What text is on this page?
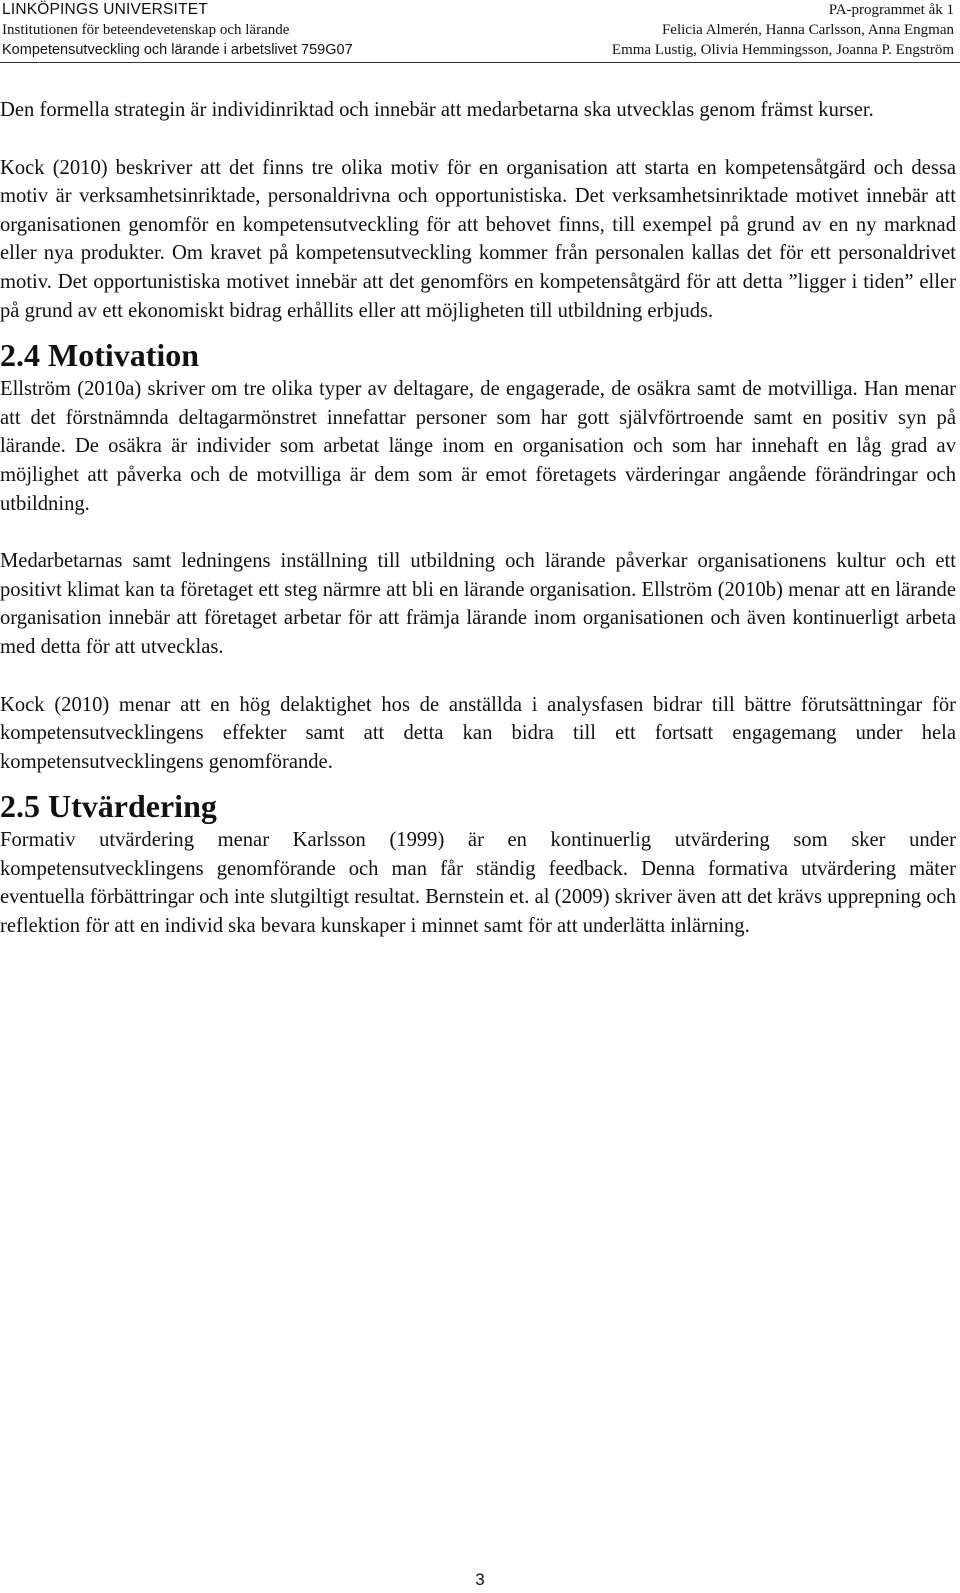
LINKÖPINGS UNIVERSITET
Institutionen för beteendevetenskap och lärande
Kompetensutveckling och lärande i arbetslivet 759G07
PA-programmet åk 1
Felicia Almerén, Hanna Carlsson, Anna Engman
Emma Lustig, Olivia Hemmingsson, Joanna P. Engström

Den formella strategin är individinriktad och innebär att medarbetarna ska utvecklas genom främst kurser.

Kock (2010) beskriver att det finns tre olika motiv för en organisation att starta en kompetensåtgärd och dessa motiv är verksamhetsinriktade, personaldrivna och opportunistiska. Det verksamhetsinriktade motivet innebär att organisationen genomför en kompetensutveckling för att behovet finns, till exempel på grund av en ny marknad eller nya produkter. Om kravet på kompetensutveckling kommer från personalen kallas det för ett personaldrivet motiv. Det opportunistiska motivet innebär att det genomförs en kompetensåtgärd för att detta ”ligger i tiden” eller på grund av ett ekonomiskt bidrag erhållits eller att möjligheten till utbildning erbjuds.

2.4 Motivation

Ellström (2010a) skriver om tre olika typer av deltagare, de engagerade, de osäkra samt de motvilliga. Han menar att det förstnämnda deltagarmönstret innefattar personer som har gott självförtroende samt en positiv syn på lärande. De osäkra är individer som arbetat länge inom en organisation och som har innehaft en låg grad av möjlighet att påverka och de motvilliga är dem som är emot företagets värderingar angående förändringar och utbildning.

Medarbetarnas samt ledningens inställning till utbildning och lärande påverkar organisationens kultur och ett positivt klimat kan ta företaget ett steg närmre att bli en lärande organisation. Ellström (2010b) menar att en lärande organisation innebär att företaget arbetar för att främja lärande inom organisationen och även kontinuerligt arbeta med detta för att utvecklas.

Kock (2010) menar att en hög delaktighet hos de anställda i analysfasen bidrar till bättre förutsättningar för kompetensutvecklingens effekter samt att detta kan bidra till ett fortsatt engagemang under hela kompetensutvecklingens genomförande.

2.5 Utvärdering

Formativ utvärdering menar Karlsson (1999) är en kontinuerlig utvärdering som sker under kompetensutvecklingens genomförande och man får ständig feedback. Denna formativa utvärdering mäter eventuella förbättringar och inte slutgiltigt resultat. Bernstein et. al (2009) skriver även att det krävs upprepning och reflektion för att en individ ska bevara kunskaper i minnet samt för att underlätta inlärning.

3
